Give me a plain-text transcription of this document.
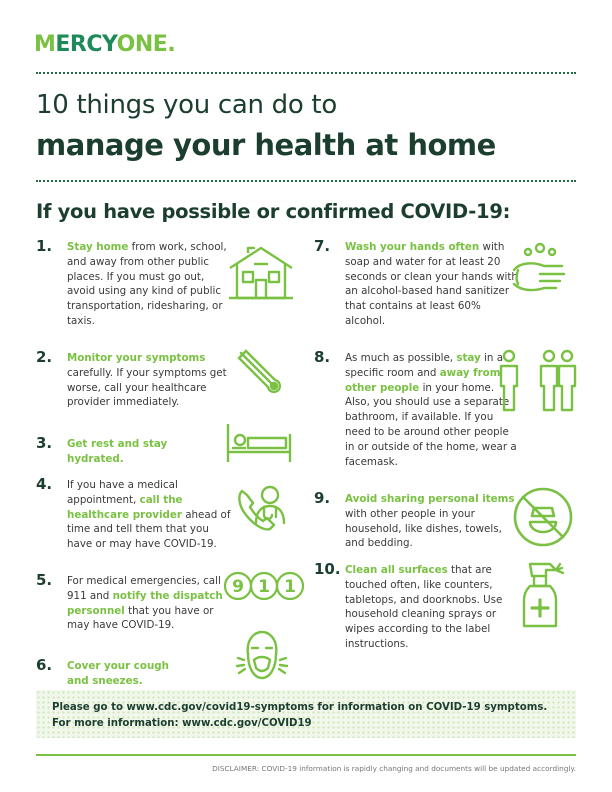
MERCYONE.
10 things you can do to
manage your health at home
If you have possible or confirmed COVID-19:
1. Stay home from work, school, and away from other public places. If you must go out, avoid using any kind of public transportation, ridesharing, or taxis.
2. Monitor your symptoms carefully. If your symptoms get worse, call your healthcare provider immediately.
3. Get rest and stay hydrated.
4. If you have a medical appointment, call the healthcare provider ahead of time and tell them that you have or may have COVID-19.
5. For medical emergencies, call 911 and notify the dispatch personnel that you have or may have COVID-19.
9 1 1
6. Cover your cough and sneezes.
7. Wash your hands often with soap and water for at least 20 seconds or clean your hands with an alcohol-based hand sanitizer that contains at least 60% alcohol.
8. As much as possible, stay in a specific room and away from other people in your home. Also, you should use a separate bathroom, if available. If you need to be around other people in or outside of the home, wear a facemask.
9. Avoid sharing personal items with other people in your household, like dishes, towels, and bedding.
10. Clean all surfaces that are touched often, like counters, tabletops, and doorknobs. Use household cleaning sprays or wipes according to the label instructions.
Please go to www.cdc.gov/covid19-symptoms for information on COVID-19 symptoms.
For more information: www.cdc.gov/COVID19
DISCLAIMER: COVID-19 information is rapidly changing and documents will be updated accordingly.
